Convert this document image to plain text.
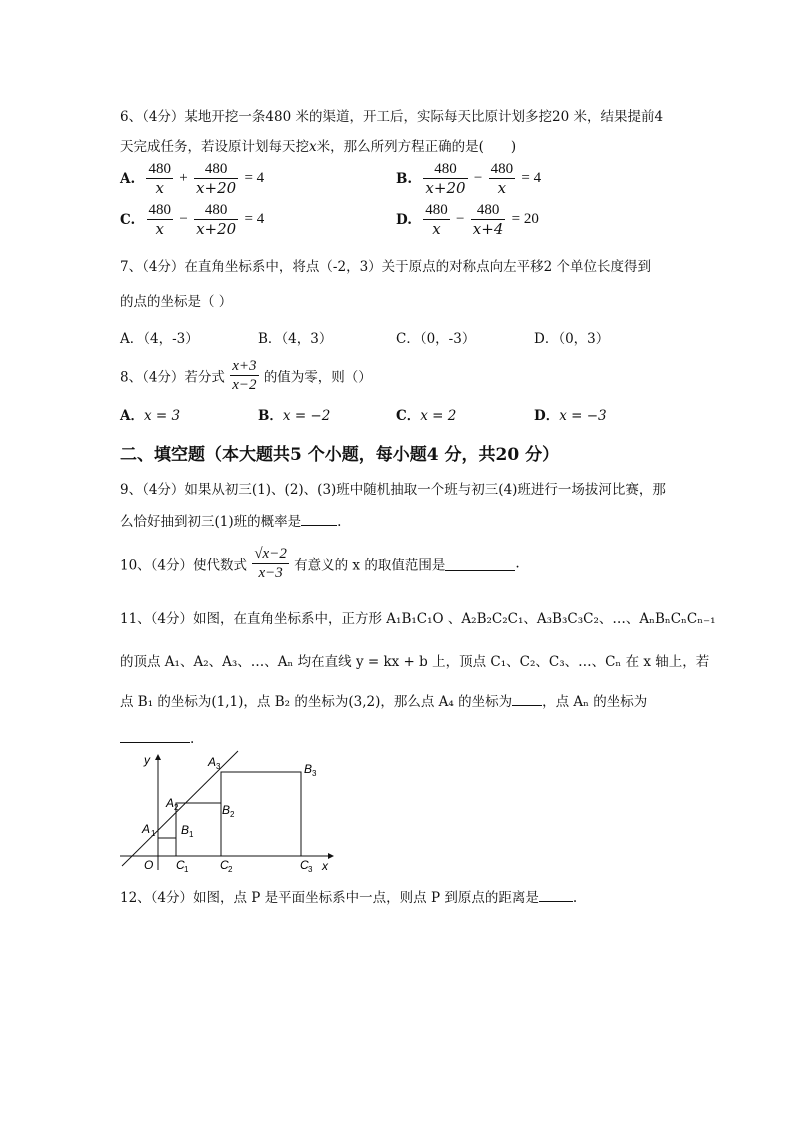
6、（4分）某地开挖一条480 米的渠道，开工后，实际每天比原计划多挖20 米，结果提前4
天完成任务，若设原计划每天挖x米，那么所列方程正确的是(　　)
A. $\frac{480}{x} + \frac{480}{x+20} = 4$	B. $\frac{480}{x+20} - \frac{480}{x} = 4$
C. $\frac{480}{x} - \frac{480}{x+20} = 4$	D. $\frac{480}{x} - \frac{480}{x+4} = 20$
7、（4分）在直角坐标系中，将点（-2，3）关于原点的对称点向左平移2 个单位长度得到
的点的坐标是（ ）
A．（4，-3）	B．（4，3）	C．（0，-3）	D．（0，3）
8、（4分）若分式 $\frac{x+3}{x-2}$ 的值为零，则（）
A．x = 3	B．x = −2	C．x = 2	D．x = −3
二、填空题（本大题共5 个小题，每小题4 分，共20 分）
9、（4分）如果从初三(1)、(2)、(3)班中随机抽取一个班与初三(4)班进行一场拔河比赛，那
么恰好抽到初三(1)班的概率是	.
10、（4分）使代数式 $\frac{√x-2}{x-3}$ 有意义的 x 的取值范围是	.
11、（4分）如图，在直角坐标系中，正方形 A₁B₁C₁O 、A₂B₂C₂C₁、A₃B₃C₃C₂、…、AₙBₙCₙCₙ₋₁
的顶点 A₁、A₂、A₃、…、Aₙ 均在直线 y = kx + b 上，顶点 C₁、C₂、C₃、…、Cₙ 在 x 轴上，若
点 B₁ 的坐标为(1,1)，点 B₂ 的坐标为(3,2)，那么点 A₄ 的坐标为 ，点 Aₙ 的坐标为
.
y
x
O
A 1
A 2
A 3
B 1
B 2
B 3
C 1	C 2	C 3
12、（4分）如图，点 P 是平面坐标系中一点，则点 P 到原点的距离是	.
